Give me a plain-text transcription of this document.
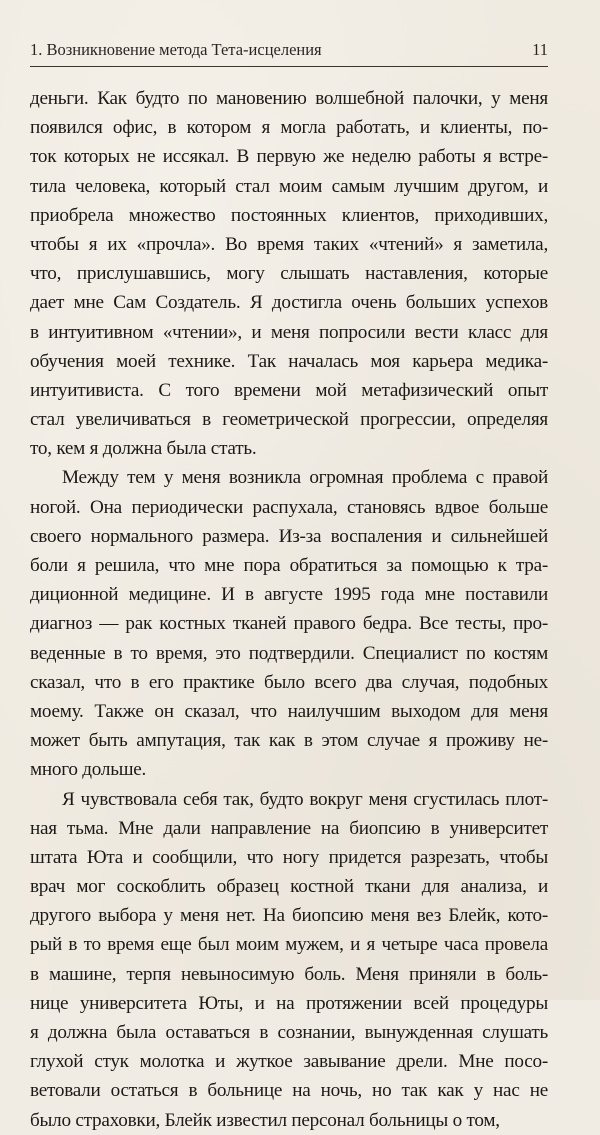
1. Возникновение метода Тета-исцеления	11
деньги. Как будто по мановению волшебной палочки, у меня
появился офис, в котором я могла работать, и клиенты, по-
ток которых не иссякал. В первую же неделю работы я встре-
тила человека, который стал моим самым лучшим другом, и
приобрела множество постоянных клиентов, приходивших,
чтобы я их «прочла». Во время таких «чтений» я заметила,
что, прислушавшись, могу слышать наставления, которые
дает мне Сам Создатель. Я достигла очень больших успехов
в интуитивном «чтении», и меня попросили вести класс для
обучения моей технике. Так началась моя карьера медика-
интуитивиста. С того времени мой метафизический опыт
стал увеличиваться в геометрической прогрессии, определяя
то, кем я должна была стать.
Между тем у меня возникла огромная проблема с правой
ногой. Она периодически распухала, становясь вдвое больше
своего нормального размера. Из-за воспаления и сильнейшей
боли я решила, что мне пора обратиться за помощью к тра-
диционной медицине. И в августе 1995 года мне поставили
диагноз — рак костных тканей правого бедра. Все тесты, про-
веденные в то время, это подтвердили. Специалист по костям
сказал, что в его практике было всего два случая, подобных
моему. Также он сказал, что наилучшим выходом для меня
может быть ампутация, так как в этом случае я проживу не-
много дольше.
Я чувствовала себя так, будто вокруг меня сгустилась плот-
ная тьма. Мне дали направление на биопсию в университет
штата Юта и сообщили, что ногу придется разрезать, чтобы
врач мог соскоблить образец костной ткани для анализа, и
другого выбора у меня нет. На биопсию меня вез Блейк, кото-
рый в то время еще был моим мужем, и я четыре часа провела
в машине, терпя невыносимую боль. Меня приняли в боль-
нице университета Юты, и на протяжении всей процедуры
я должна была оставаться в сознании, вынужденная слушать
глухой стук молотка и жуткое завывание дрели. Мне посо-
ветовали остаться в больнице на ночь, но так как у нас не
было страховки, Блейк известил персонал больницы о том,
